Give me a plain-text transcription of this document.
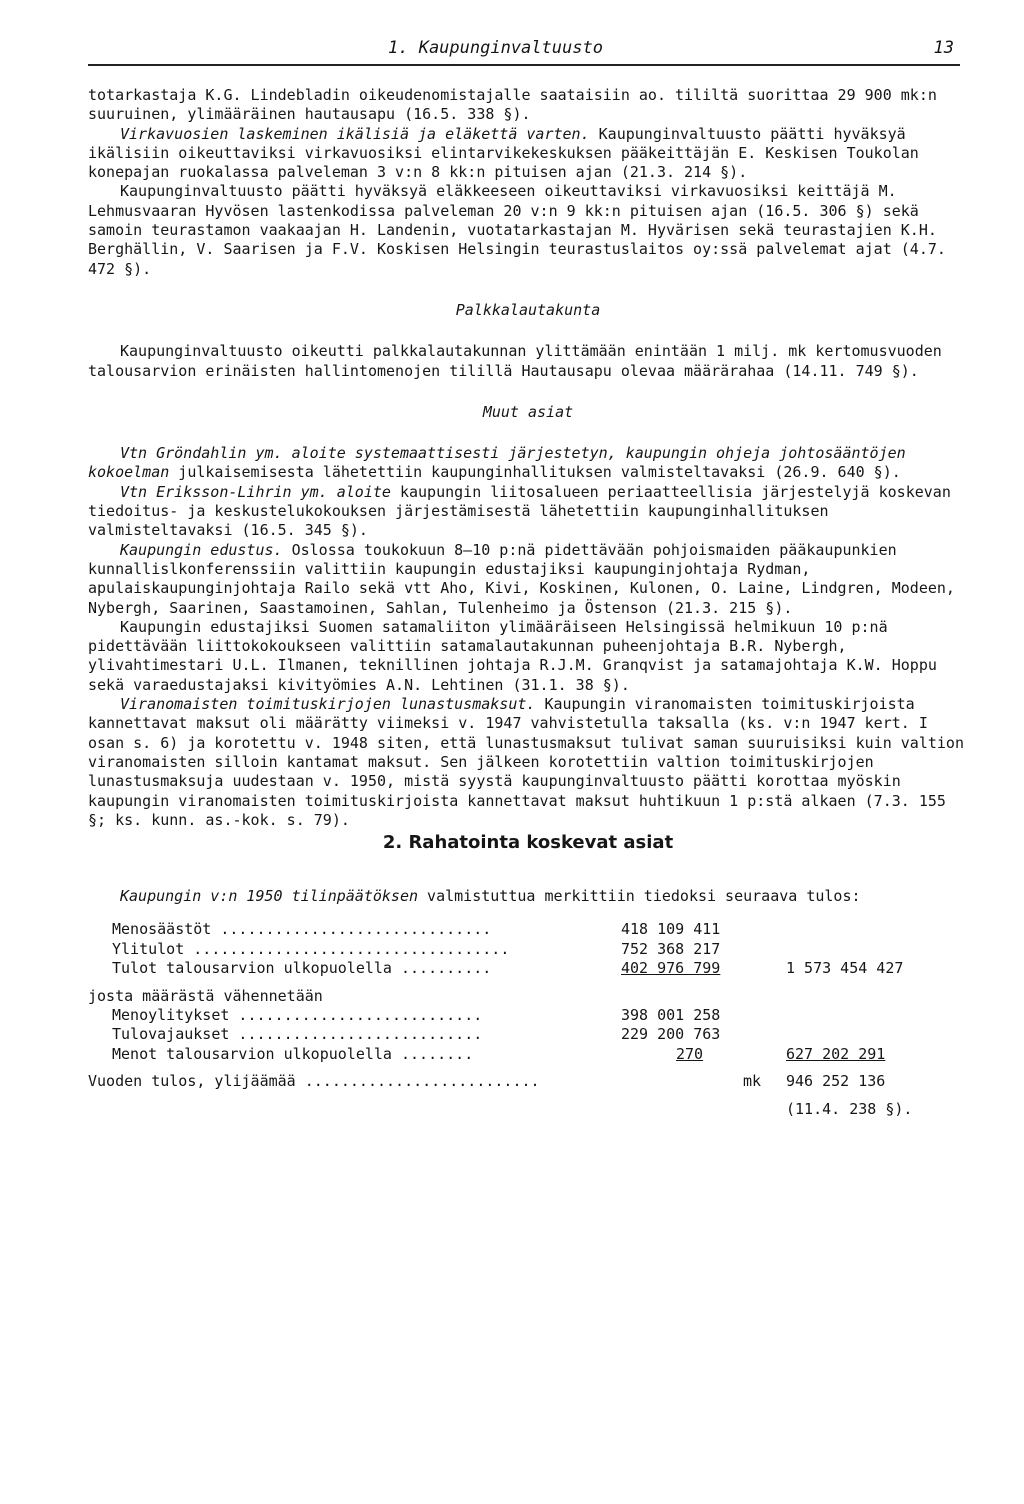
1. Kaupunginvaltuusto	13

totarkastaja K.G. Lindebladin oikeudenomistajalle saataisiin ao. tililtä suorittaa 29 900 mk:n suuruinen, ylimääräinen hautausapu (16.5. 338 §).

Virkavuosien laskeminen ikälisiä ja eläkettä varten. Kaupunginvaltuusto päätti hyväksyä ikälisiin oikeuttaviksi virkavuosiksi elintarvikekeskuksen pääkeittäjän E. Keskisen Toukolan konepajan ruokalassa palveleman 3 v:n 8 kk:n pituisen ajan (21.3. 214 §).

Kaupunginvaltuusto päätti hyväksyä eläkkeeseen oikeuttaviksi virkavuosiksi keittäjä M. Lehmusvaaran Hyvösen lastenkodissa palveleman 20 v:n 9 kk:n pituisen ajan (16.5. 306 §) sekä samoin teurastamon vaakaajan H. Landenin, vuotatarkastajan M. Hyvärisen sekä teurastajien K.H. Berghällin, V. Saarisen ja F.V. Koskisen Helsingin teurastuslaitos oy:ssä palvelemat ajat (4.7. 472 §).

Palkkalautakunta

Kaupunginvaltuusto oikeutti palkkalautakunnan ylittämään enintään 1 milj. mk kertomusvuoden talousarvion erinäisten hallintomenojen tilillä Hautausapu olevaa määrärahaa (14.11. 749 §).

Muut asiat

Vtn Gröndahlin ym. aloite systemaattisesti järjestetyn, kaupungin ohjeja johtosääntöjen kokoelman julkaisemisesta lähetettiin kaupunginhallituksen valmisteltavaksi (26.9. 640 §).

Vtn Eriksson-Lihrin ym. aloite kaupungin liitosalueen periaatteellisia järjestelyjä koskevan tiedoitus- ja keskustelukokouksen järjestämisestä lähetettiin kaupunginhallituksen valmisteltavaksi (16.5. 345 §).

Kaupungin edustus. Oslossa toukokuun 8–10 p:nä pidettävään pohjoismaiden pääkaupunkien kunnallislkonferenssiin valittiin kaupungin edustajiksi kaupunginjohtaja Rydman, apulaiskaupunginjohtaja Railo sekä vtt Aho, Kivi, Koskinen, Kulonen, O. Laine, Lindgren, Modeen, Nybergh, Saarinen, Saastamoinen, Sahlan, Tulenheimo ja Östenson (21.3. 215 §).

Kaupungin edustajiksi Suomen satamaliiton ylimääräiseen Helsingissä helmikuun 10 p:nä pidettävään liittokokoukseen valittiin satamalautakunnan puheenjohtaja B.R. Nybergh, ylivahtimestari U.L. Ilmanen, teknillinen johtaja R.J.M. Granqvist ja satamajohtaja K.W. Hoppu sekä varaedustajaksi kivityömies A.N. Lehtinen (31.1. 38 §).

Viranomaisten toimituskirjojen lunastusmaksut. Kaupungin viranomaisten toimituskirjoista kannettavat maksut oli määrätty viimeksi v. 1947 vahvistetulla taksalla (ks. v:n 1947 kert. I osan s. 6) ja korotettu v. 1948 siten, että lunastusmaksut tulivat saman suuruisiksi kuin valtion viranomaisten silloin kantamat maksut. Sen jälkeen korotettiin valtion toimituskirjojen lunastusmaksuja uudestaan v. 1950, mistä syystä kaupunginvaltuusto päätti korottaa myöskin kaupungin viranomaisten toimituskirjoista kannettavat maksut huhtikuun 1 p:stä alkaen (7.3. 155 §; ks. kunn. as.-kok. s. 79).

2. Rahatointa koskevat asiat

Kaupungin v:n 1950 tilinpäätöksen valmistuttua merkittiin tiedoksi seuraava tulos:

Menosäästöt ..............................	418 109 411
Ylitulot ...................................	752 368 217
Tulot talousarvion ulkopuolella ..........	402 976 799	1 573 454 427
josta määrästä vähennetään
Menoylitykset ...........................	398 001 258
Tulovajaukset ...........................	229 200 763
Menot talousarvion ulkopuolella ........	270	627 202 291
Vuoden tulos, ylijäämää ..........................	mk 946 252 136
(11.4. 238 §).
